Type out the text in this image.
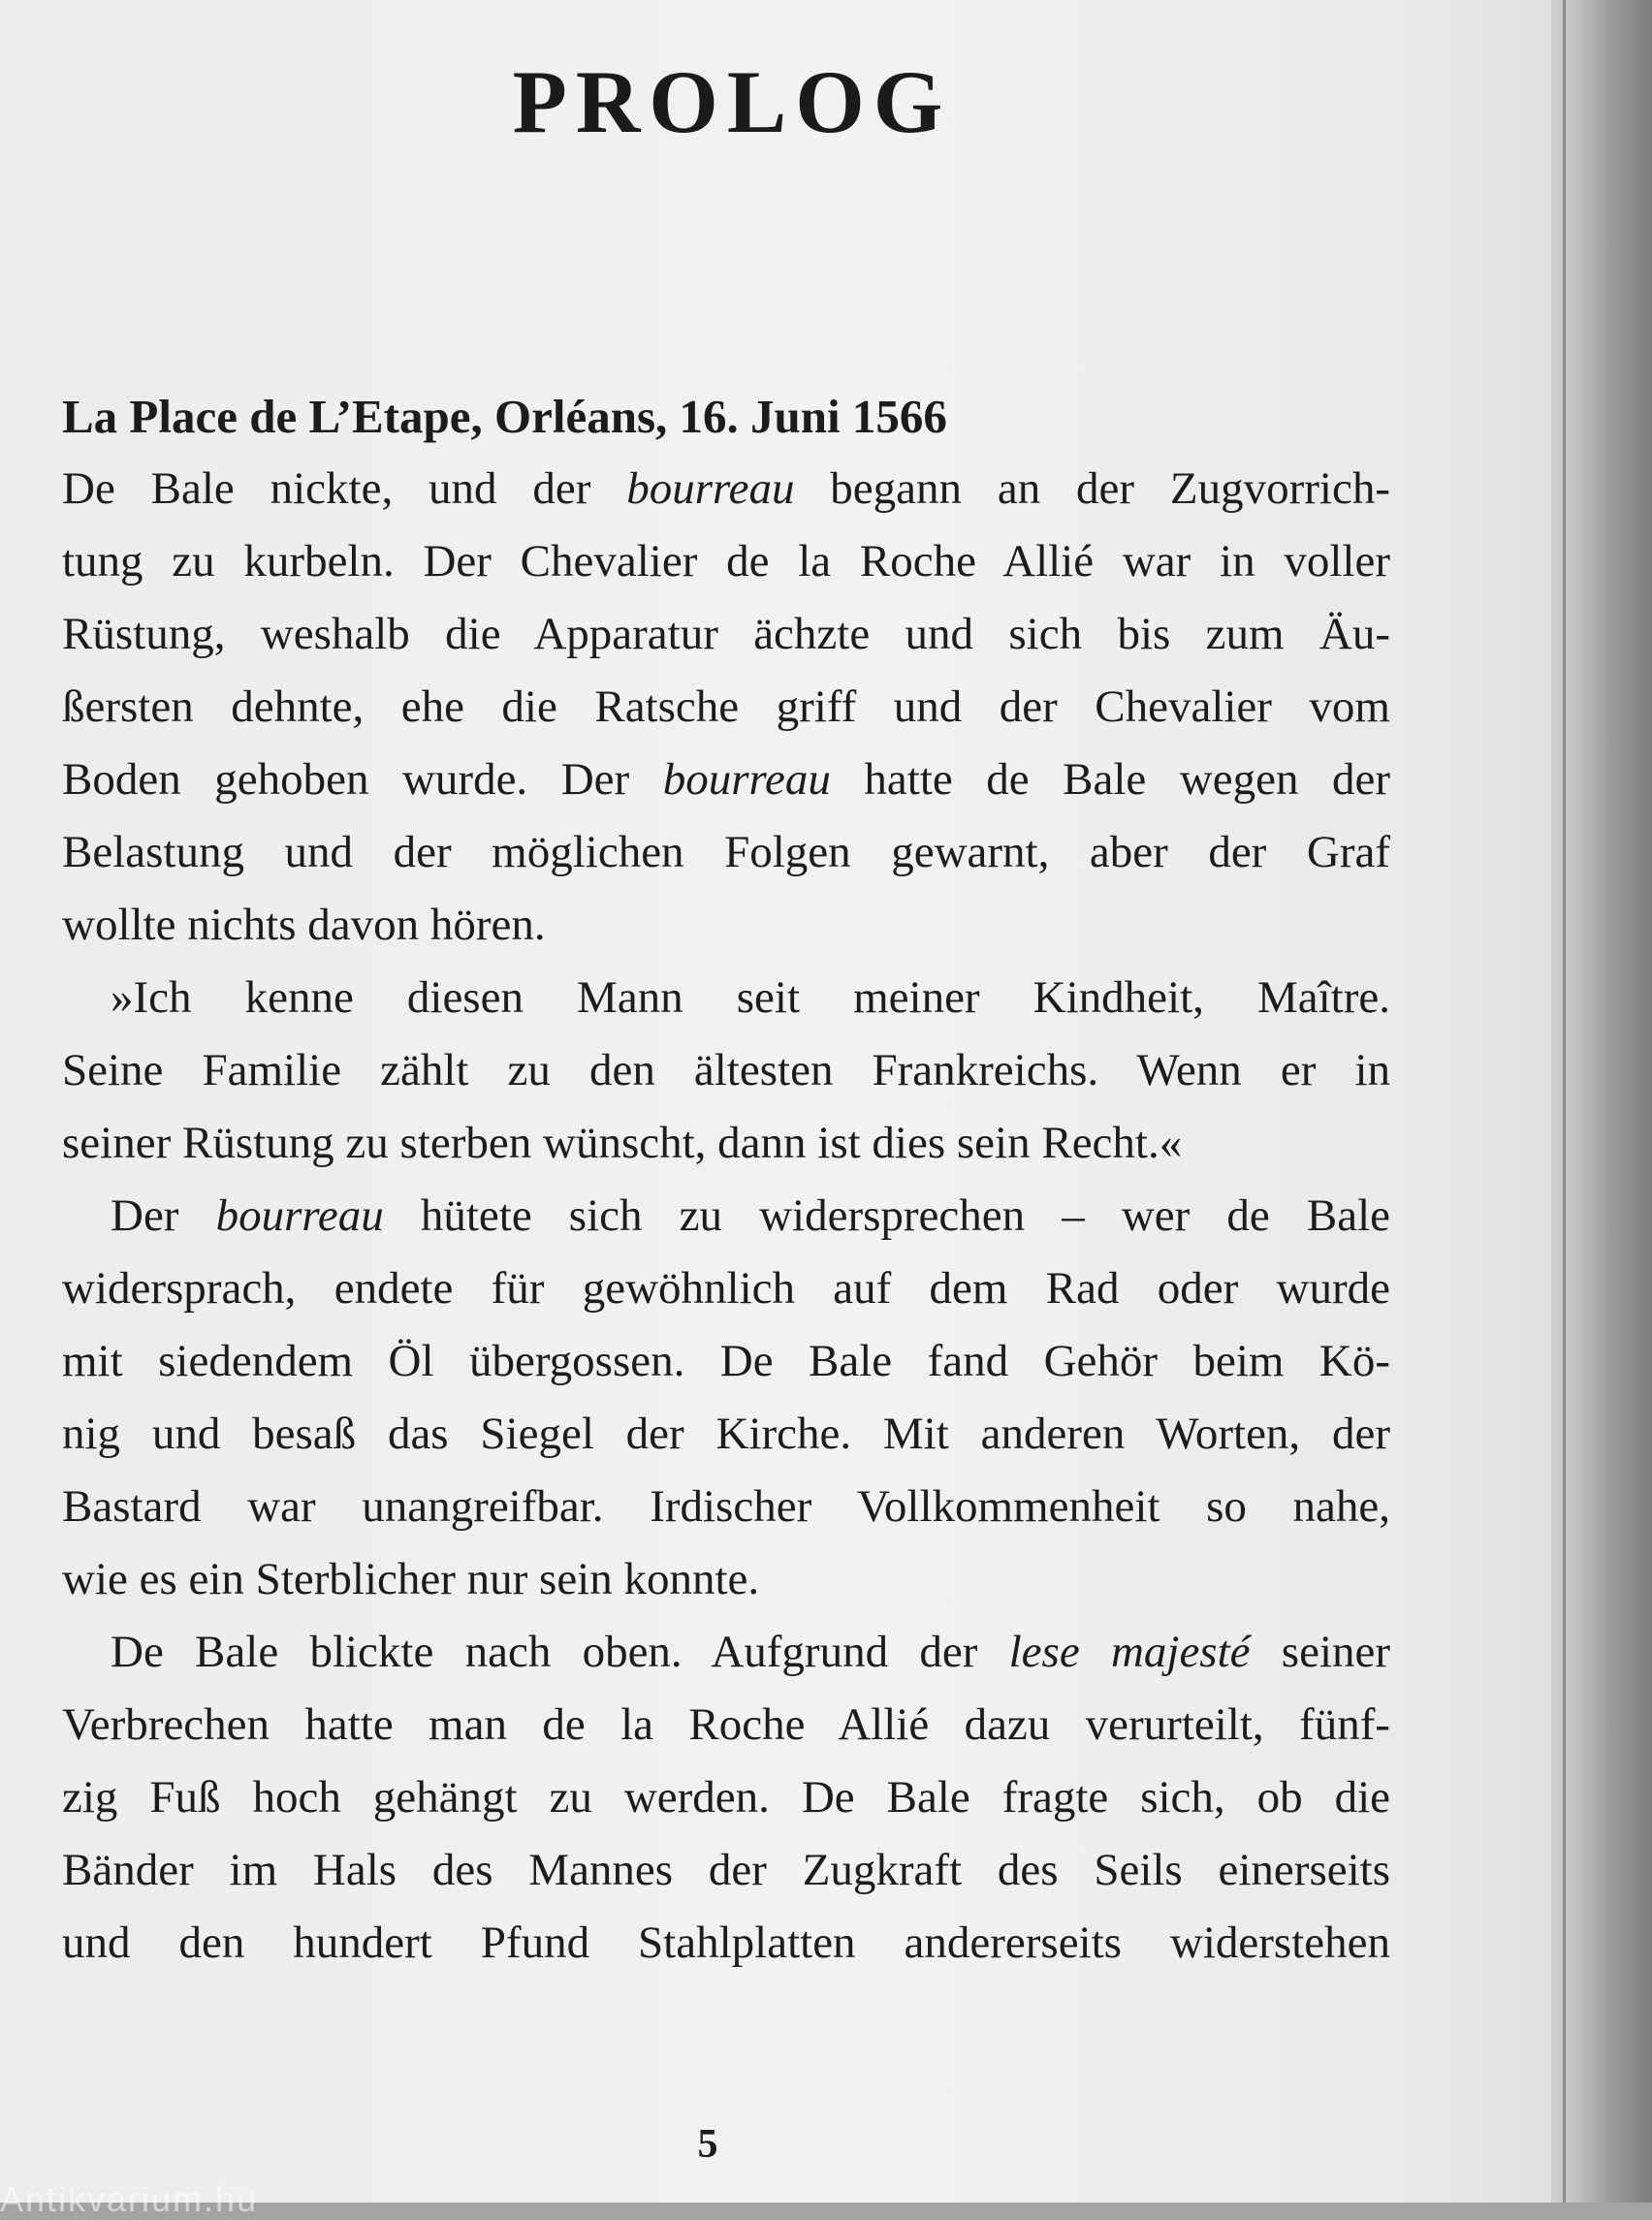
PROLOG
La Place de L’Etape, Orléans, 16. Juni 1566
De Bale nickte, und der bourreau begann an der Zugvorrich-
tung zu kurbeln. Der Chevalier de la Roche Allié war in voller
Rüstung, weshalb die Apparatur ächzte und sich bis zum Äu-
ßersten dehnte, ehe die Ratsche griff und der Chevalier vom
Boden gehoben wurde. Der bourreau hatte de Bale wegen der
Belastung und der möglichen Folgen gewarnt, aber der Graf
wollte nichts davon hören.
»Ich kenne diesen Mann seit meiner Kindheit, Maître.
Seine Familie zählt zu den ältesten Frankreichs. Wenn er in
seiner Rüstung zu sterben wünscht, dann ist dies sein Recht.«
Der bourreau hütete sich zu widersprechen – wer de Bale
widersprach, endete für gewöhnlich auf dem Rad oder wurde
mit siedendem Öl übergossen. De Bale fand Gehör beim Kö-
nig und besaß das Siegel der Kirche. Mit anderen Worten, der
Bastard war unangreifbar. Irdischer Vollkommenheit so nahe,
wie es ein Sterblicher nur sein konnte.
De Bale blickte nach oben. Aufgrund der lese majesté seiner
Verbrechen hatte man de la Roche Allié dazu verurteilt, fünf-
zig Fuß hoch gehängt zu werden. De Bale fragte sich, ob die
Bänder im Hals des Mannes der Zugkraft des Seils einerseits
und den hundert Pfund Stahlplatten andererseits widerstehen
5
Antikvarium.hu
